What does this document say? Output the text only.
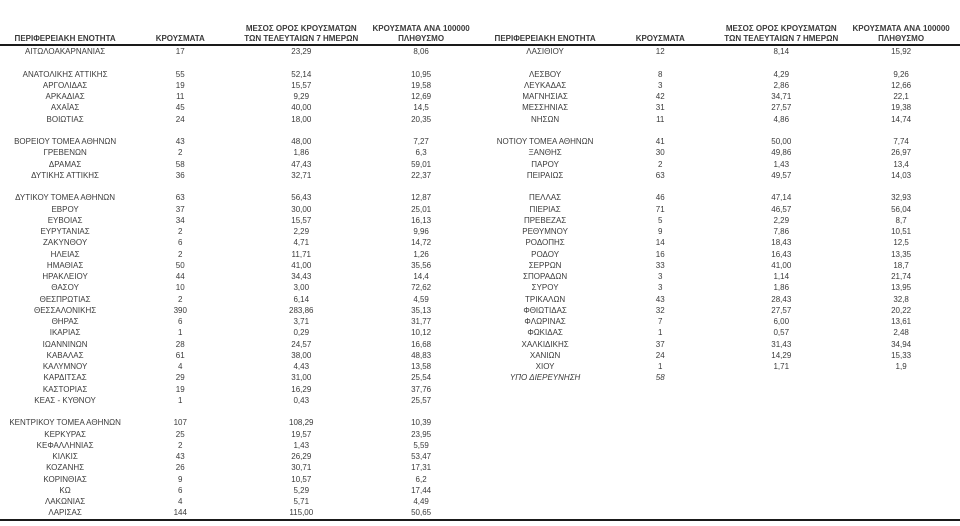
ΠΕΡΙΦΕΡΕΙΑΚΗ ΕΝΟΤΗΤΑ	ΚΡΟΥΣΜΑΤΑ
ΜΕΣΟΣ ΟΡΟΣ ΚΡΟΥΣΜΑΤΩΝ
ΤΩΝ ΤΕΛΕΥΤΑΙΩΝ 7 ΗΜΕΡΩΝ
ΚΡΟΥΣΜΑΤΑ ΑΝΑ 100000
ΠΛΗΘΥΣΜΟ
ΑΙΤΩΛΟΑΚΑΡΝΑΝΙΑΣ	17	23,29	8,06
ΑΝΑΤΟΛΙΚΗΣ ΑΤΤΙΚΗΣ	55	52,14	10,95
ΑΡΓΟΛΙΔΑΣ	19	15,57	19,58
ΑΡΚΑΔΙΑΣ	11	9,29	12,69
ΑΧΑΪΑΣ	45	40,00	14,5
ΒΟΙΩΤΙΑΣ	24	18,00	20,35
ΒΟΡΕΙΟΥ ΤΟΜΕΑ ΑΘΗΝΩΝ	43	48,00	7,27
ΓΡΕΒΕΝΩΝ	2	1,86	6,3
ΔΡΑΜΑΣ	58	47,43	59,01
ΔΥΤΙΚΗΣ ΑΤΤΙΚΗΣ	36	32,71	22,37
ΔΥΤΙΚΟΥ ΤΟΜΕΑ ΑΘΗΝΩΝ	63	56,43	12,87
ΕΒΡΟΥ	37	30,00	25,01
ΕΥΒΟΙΑΣ	34	15,57	16,13
ΕΥΡΥΤΑΝΙΑΣ	2	2,29	9,96
ΖΑΚΥΝΘΟΥ	6	4,71	14,72
ΗΛΕΙΑΣ	2	11,71	1,26
ΗΜΑΘΙΑΣ	50	41,00	35,56
ΗΡΑΚΛΕΙΟΥ	44	34,43	14,4
ΘΑΣΟΥ	10	3,00	72,62
ΘΕΣΠΡΩΤΙΑΣ	2	6,14	4,59
ΘΕΣΣΑΛΟΝΙΚΗΣ	390	283,86	35,13
ΘΗΡΑΣ	6	3,71	31,77
ΙΚΑΡΙΑΣ	1	0,29	10,12
ΙΩΑΝΝΙΝΩΝ	28	24,57	16,68
ΚΑΒΑΛΑΣ	61	38,00	48,83
ΚΑΛΥΜΝΟΥ	4	4,43	13,58
ΚΑΡΔΙΤΣΑΣ	29	31,00	25,54
ΚΑΣΤΟΡΙΑΣ	19	16,29	37,76
ΚΕΑΣ - ΚΥΘΝΟΥ	1	0,43	25,57
ΚΕΝΤΡΙΚΟΥ ΤΟΜΕΑ ΑΘΗΝΩΝ	107	108,29	10,39
ΚΕΡΚΥΡΑΣ	25	19,57	23,95
ΚΕΦΑΛΛΗΝΙΑΣ	2	1,43	5,59
ΚΙΛΚΙΣ	43	26,29	53,47
ΚΟΖΑΝΗΣ	26	30,71	17,31
ΚΟΡΙΝΘΙΑΣ	9	10,57	6,2
ΚΩ	6	5,29	17,44
ΛΑΚΩΝΙΑΣ	4	5,71	4,49
ΛΑΡΙΣΑΣ	144	115,00	50,65
ΠΕΡΙΦΕΡΕΙΑΚΗ ΕΝΟΤΗΤΑ	ΚΡΟΥΣΜΑΤΑ
ΜΕΣΟΣ ΟΡΟΣ ΚΡΟΥΣΜΑΤΩΝ
ΤΩΝ ΤΕΛΕΥΤΑΙΩΝ 7 ΗΜΕΡΩΝ
ΚΡΟΥΣΜΑΤΑ ΑΝΑ 100000
ΠΛΗΘΥΣΜΟ
ΛΑΣΙΘΙΟΥ	12	8,14	15,92
ΛΕΣΒΟΥ	8	4,29	9,26
ΛΕΥΚΑΔΑΣ	3	2,86	12,66
ΜΑΓΝΗΣΙΑΣ	42	34,71	22,1
ΜΕΣΣΗΝΙΑΣ	31	27,57	19,38
ΝΗΣΩΝ	11	4,86	14,74
ΝΟΤΙΟΥ ΤΟΜΕΑ ΑΘΗΝΩΝ	41	50,00	7,74
ΞΑΝΘΗΣ	30	49,86	26,97
ΠΑΡΟΥ	2	1,43	13,4
ΠΕΙΡΑΙΩΣ	63	49,57	14,03
ΠΕΛΛΑΣ	46	47,14	32,93
ΠΙΕΡΙΑΣ	71	46,57	56,04
ΠΡΕΒΕΖΑΣ	5	2,29	8,7
ΡΕΘΥΜΝΟΥ	9	7,86	10,51
ΡΟΔΟΠΗΣ	14	18,43	12,5
ΡΟΔΟΥ	16	16,43	13,35
ΣΕΡΡΩΝ	33	41,00	18,7
ΣΠΟΡΑΔΩΝ	3	1,14	21,74
ΣΥΡΟΥ	3	1,86	13,95
ΤΡΙΚΑΛΩΝ	43	28,43	32,8
ΦΘΙΩΤΙΔΑΣ	32	27,57	20,22
ΦΛΩΡΙΝΑΣ	7	6,00	13,61
ΦΩΚΙΔΑΣ	1	0,57	2,48
ΧΑΛΚΙΔΙΚΗΣ	37	31,43	34,94
ΧΑΝΙΩΝ	24	14,29	15,33
ΧΙΟΥ	1	1,71	1,9
ΥΠΟ ΔΙΕΡΕΥΝΗΣΗ	58
